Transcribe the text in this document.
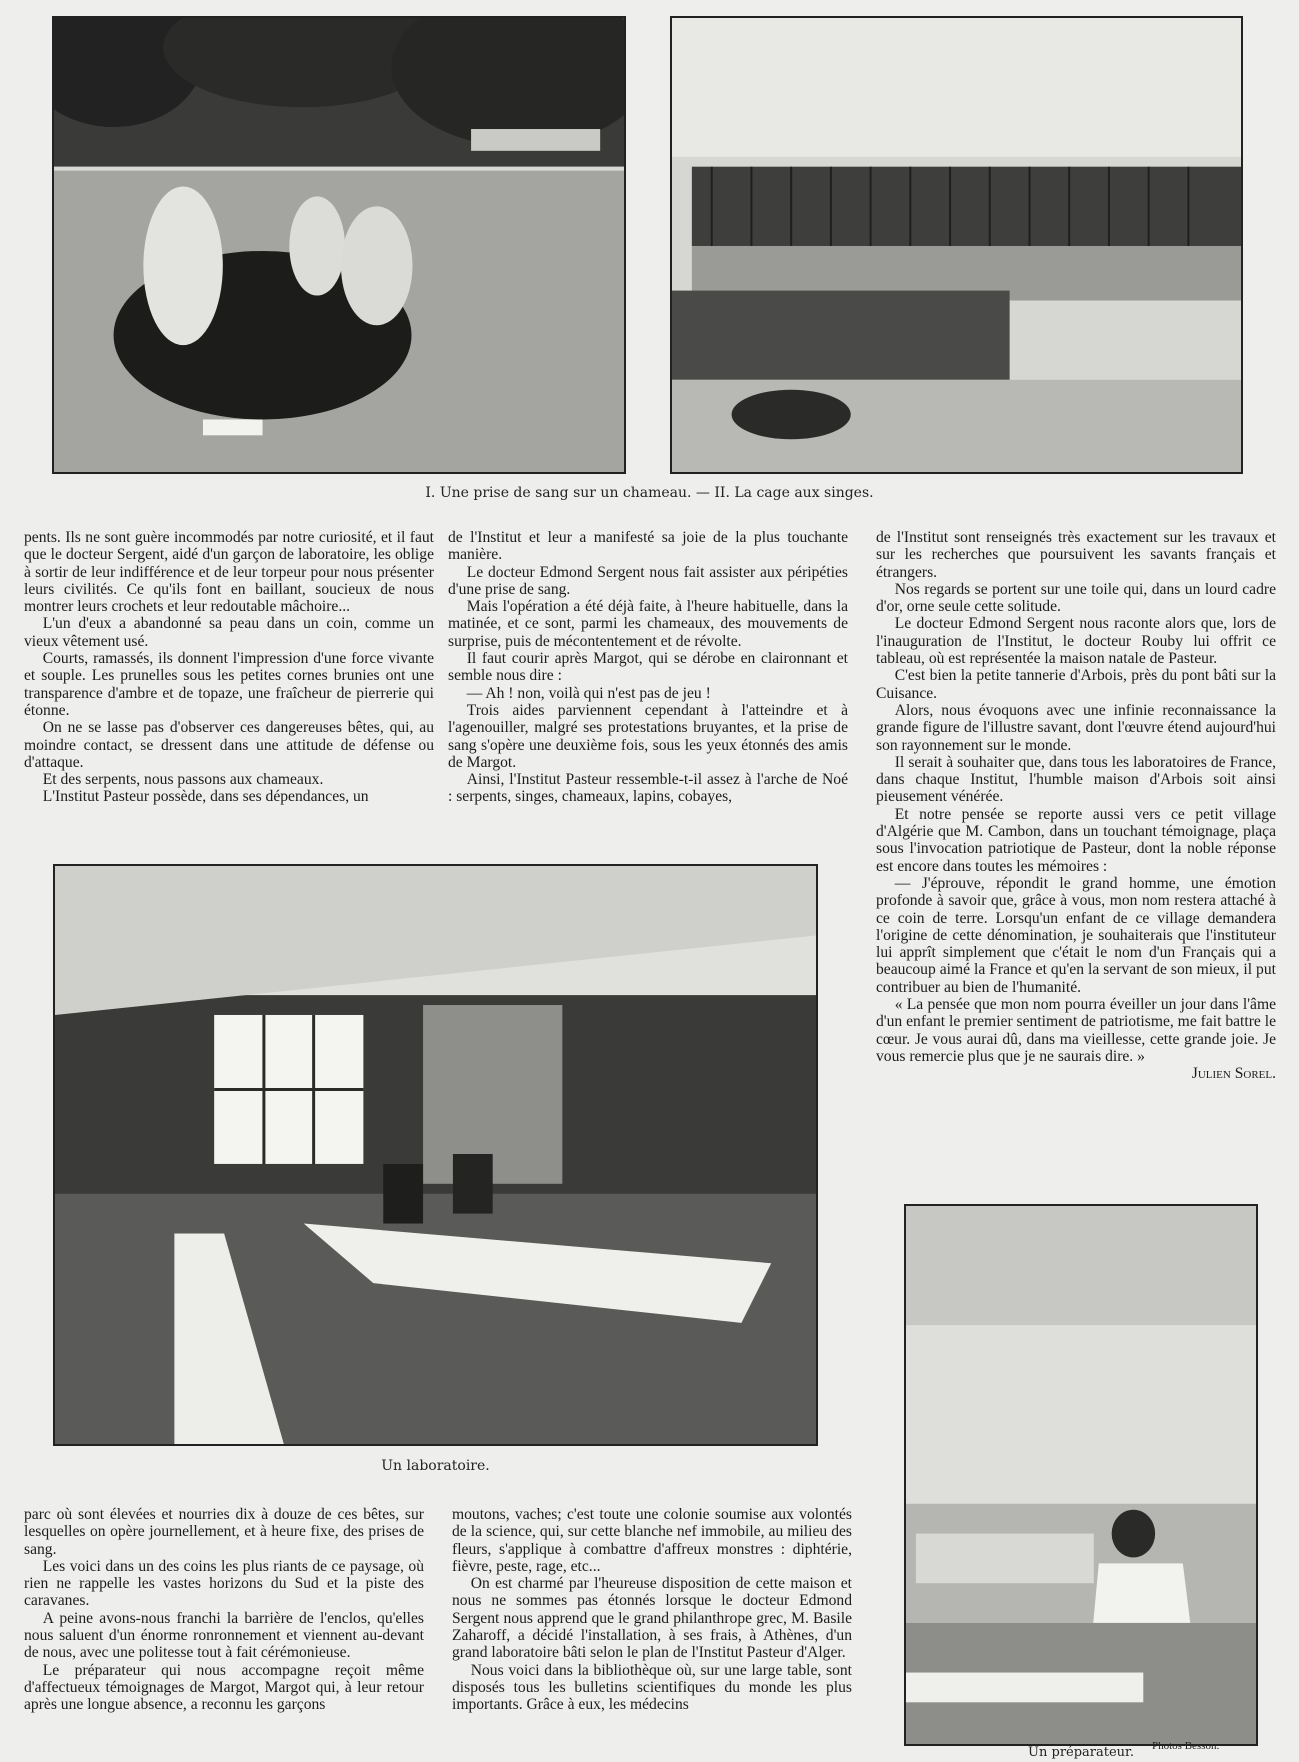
I. Une prise de sang sur un chameau. — II. La cage aux singes.

pents. Ils ne sont guère incommodés par notre curiosité, et il faut que le docteur Sergent, aidé d'un garçon de laboratoire, les oblige à sortir de leur indifférence et de leur torpeur pour nous présenter leurs civilités. Ce qu'ils font en baillant, soucieux de nous montrer leurs crochets et leur redoutable mâchoire...

L'un d'eux a abandonné sa peau dans un coin, comme un vieux vêtement usé.

Courts, ramassés, ils donnent l'impression d'une force vivante et souple. Les prunelles sous les petites cornes brunies ont une transparence d'ambre et de topaze, une fraîcheur de pierrerie qui étonne.

On ne se lasse pas d'observer ces dangereuses bêtes, qui, au moindre contact, se dressent dans une attitude de défense ou d'attaque.

Et des serpents, nous passons aux chameaux.

L'Institut Pasteur possède, dans ses dépendances, un

de l'Institut et leur a manifesté sa joie de la plus touchante manière.

Le docteur Edmond Sergent nous fait assister aux péripéties d'une prise de sang.

Mais l'opération a été déjà faite, à l'heure habituelle, dans la matinée, et ce sont, parmi les chameaux, des mouvements de surprise, puis de mécontentement et de révolte.

Il faut courir après Margot, qui se dérobe en claironnant et semble nous dire :

— Ah ! non, voilà qui n'est pas de jeu !

Trois aides parviennent cependant à l'atteindre et à l'agenouiller, malgré ses protestations bruyantes, et la prise de sang s'opère une deuxième fois, sous les yeux étonnés des amis de Margot.

Ainsi, l'Institut Pasteur ressemble-t-il assez à l'arche de Noé : serpents, singes, chameaux, lapins, cobayes,

de l'Institut sont renseignés très exactement sur les travaux et sur les recherches que poursuivent les savants français et étrangers.

Nos regards se portent sur une toile qui, dans un lourd cadre d'or, orne seule cette solitude.

Le docteur Edmond Sergent nous raconte alors que, lors de l'inauguration de l'Institut, le docteur Rouby lui offrit ce tableau, où est représentée la maison natale de Pasteur.

C'est bien la petite tannerie d'Arbois, près du pont bâti sur la Cuisance.

Alors, nous évoquons avec une infinie reconnaissance la grande figure de l'illustre savant, dont l'œuvre étend aujourd'hui son rayonnement sur le monde.

Il serait à souhaiter que, dans tous les laboratoires de France, dans chaque Institut, l'humble maison d'Arbois soit ainsi pieusement vénérée.

Et notre pensée se reporte aussi vers ce petit village d'Algérie que M. Cambon, dans un touchant témoignage, plaça sous l'invocation patriotique de Pasteur, dont la noble réponse est encore dans toutes les mémoires :

— J'éprouve, répondit le grand homme, une émotion profonde à savoir que, grâce à vous, mon nom restera attaché à ce coin de terre. Lorsqu'un enfant de ce village demandera l'origine de cette dénomination, je souhaiterais que l'instituteur lui apprît simplement que c'était le nom d'un Français qui a beaucoup aimé la France et qu'en la servant de son mieux, il put contribuer au bien de l'humanité.

« La pensée que mon nom pourra éveiller un jour dans l'âme d'un enfant le premier sentiment de patriotisme, me fait battre le cœur. Je vous aurai dû, dans ma vieillesse, cette grande joie. Je vous remercie plus que je ne saurais dire. »

Julien Sorel.
Un laboratoire.

parc où sont élevées et nourries dix à douze de ces bêtes, sur lesquelles on opère journellement, et à heure fixe, des prises de sang.

Les voici dans un des coins les plus riants de ce paysage, où rien ne rappelle les vastes horizons du Sud et la piste des caravanes.

A peine avons-nous franchi la barrière de l'enclos, qu'elles nous saluent d'un énorme ronronnement et viennent au-devant de nous, avec une politesse tout à fait cérémonieuse.

Le préparateur qui nous accompagne reçoit même d'affectueux témoignages de Margot, Margot qui, à leur retour après une longue absence, a reconnu les garçons

moutons, vaches; c'est toute une colonie soumise aux volontés de la science, qui, sur cette blanche nef immobile, au milieu des fleurs, s'applique à combattre d'affreux monstres : diphtérie, fièvre, peste, rage, etc...

On est charmé par l'heureuse disposition de cette maison et nous ne sommes pas étonnés lorsque le docteur Edmond Sergent nous apprend que le grand philanthrope grec, M. Basile Zaharoff, a décidé l'installation, à ses frais, à Athènes, d'un grand laboratoire bâti selon le plan de l'Institut Pasteur d'Alger.

Nous voici dans la bibliothèque où, sur une large table, sont disposés tous les bulletins scientifiques du monde les plus importants. Grâce à eux, les médecins

Photos Besson.
Un préparateur.
